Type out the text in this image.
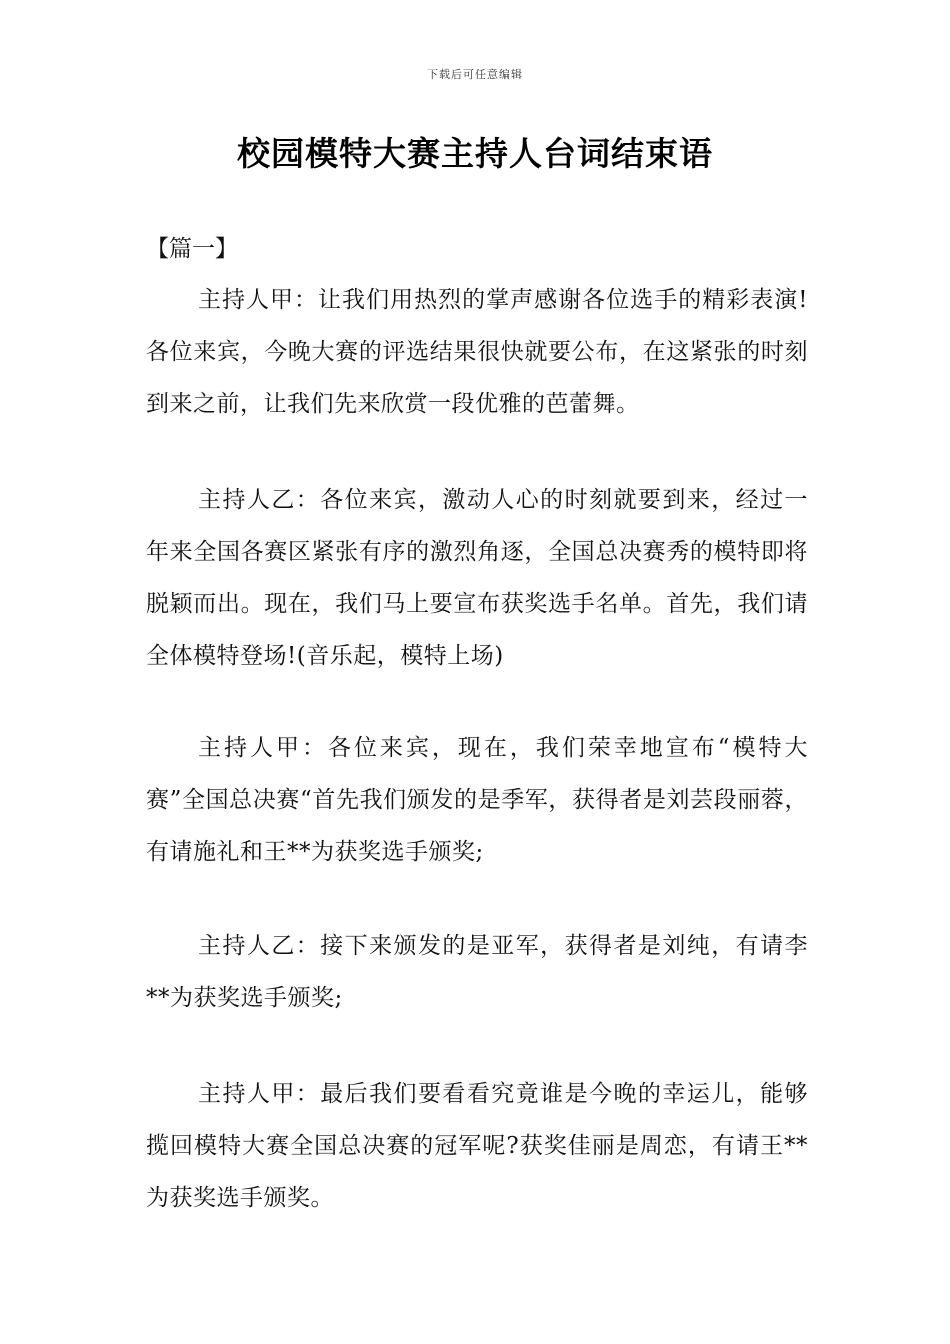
下载后可任意编辑
校园模特大赛主持人台词结束语

【篇一】

主持人甲：让我们用热烈的掌声感谢各位选手的精彩表演!各位来宾，今晚大赛的评选结果很快就要公布，在这紧张的时刻到来之前，让我们先来欣赏一段优雅的芭蕾舞。

主持人乙：各位来宾，激动人心的时刻就要到来，经过一年来全国各赛区紧张有序的激烈角逐，全国总决赛秀的模特即将脱颖而出。现在，我们马上要宣布获奖选手名单。首先，我们请全体模特登场!(音乐起，模特上场)

主持人甲：各位来宾，现在，我们荣幸地宣布“模特大赛”全国总决赛“首先我们颁发的是季军，获得者是刘芸段丽蓉，有请施礼和王**为获奖选手颁奖;

主持人乙：接下来颁发的是亚军，获得者是刘纯，有请李**为获奖选手颁奖;

主持人甲：最后我们要看看究竟谁是今晚的幸运儿，能够揽回模特大赛全国总决赛的冠军呢?获奖佳丽是周恋，有请王**为获奖选手颁奖。
